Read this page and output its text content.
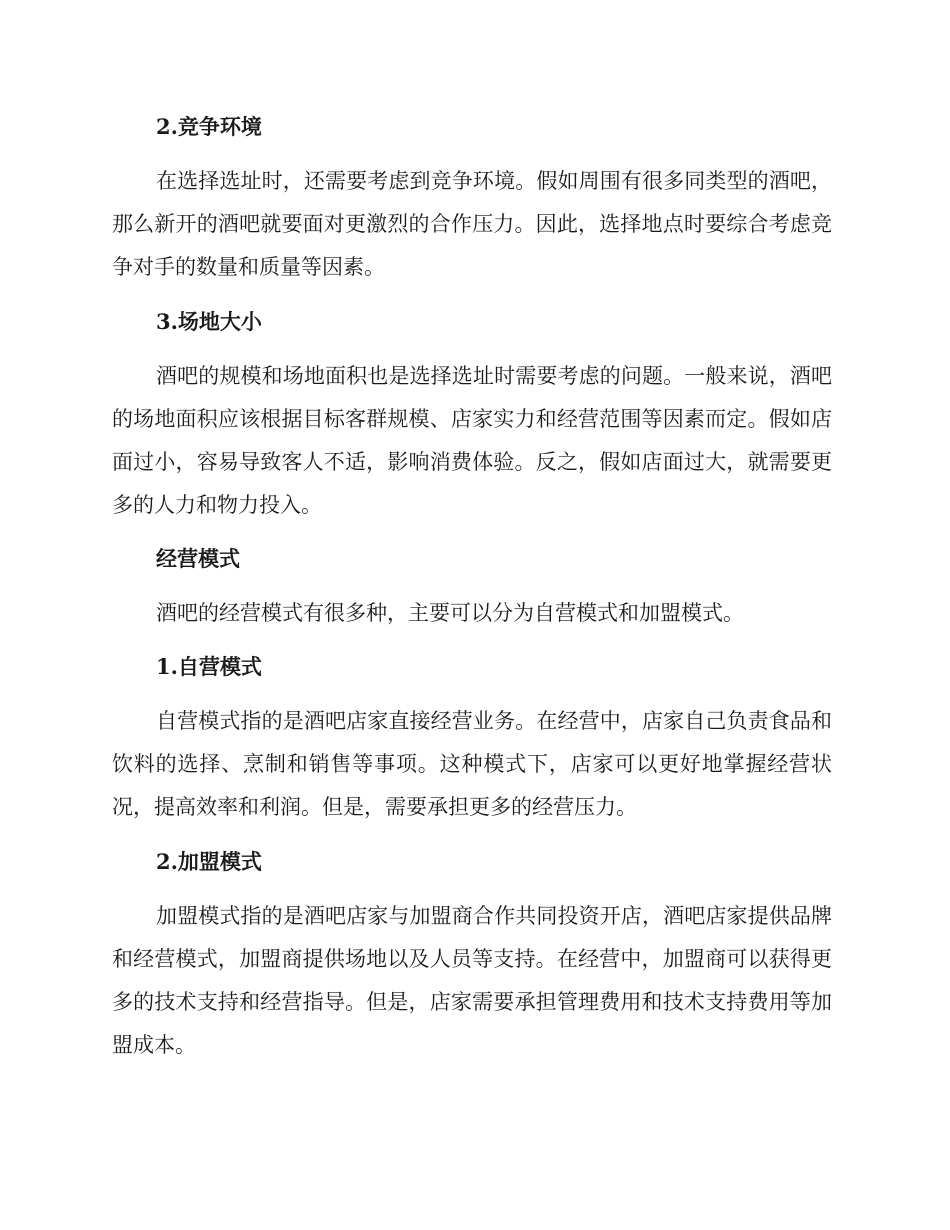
2.竞争环境

在选择选址时，还需要考虑到竞争环境。假如周围有很多同类型的酒吧，那么新开的酒吧就要面对更激烈的合作压力。因此，选择地点时要综合考虑竞争对手的数量和质量等因素。

3.场地大小

酒吧的规模和场地面积也是选择选址时需要考虑的问题。一般来说，酒吧的场地面积应该根据目标客群规模、店家实力和经营范围等因素而定。假如店面过小，容易导致客人不适，影响消费体验。反之，假如店面过大，就需要更多的人力和物力投入。

经营模式

酒吧的经营模式有很多种，主要可以分为自营模式和加盟模式。

1.自营模式

自营模式指的是酒吧店家直接经营业务。在经营中，店家自己负责食品和饮料的选择、烹制和销售等事项。这种模式下，店家可以更好地掌握经营状况，提高效率和利润。但是，需要承担更多的经营压力。

2.加盟模式

加盟模式指的是酒吧店家与加盟商合作共同投资开店，酒吧店家提供品牌和经营模式，加盟商提供场地以及人员等支持。在经营中，加盟商可以获得更多的技术支持和经营指导。但是，店家需要承担管理费用和技术支持费用等加盟成本。
